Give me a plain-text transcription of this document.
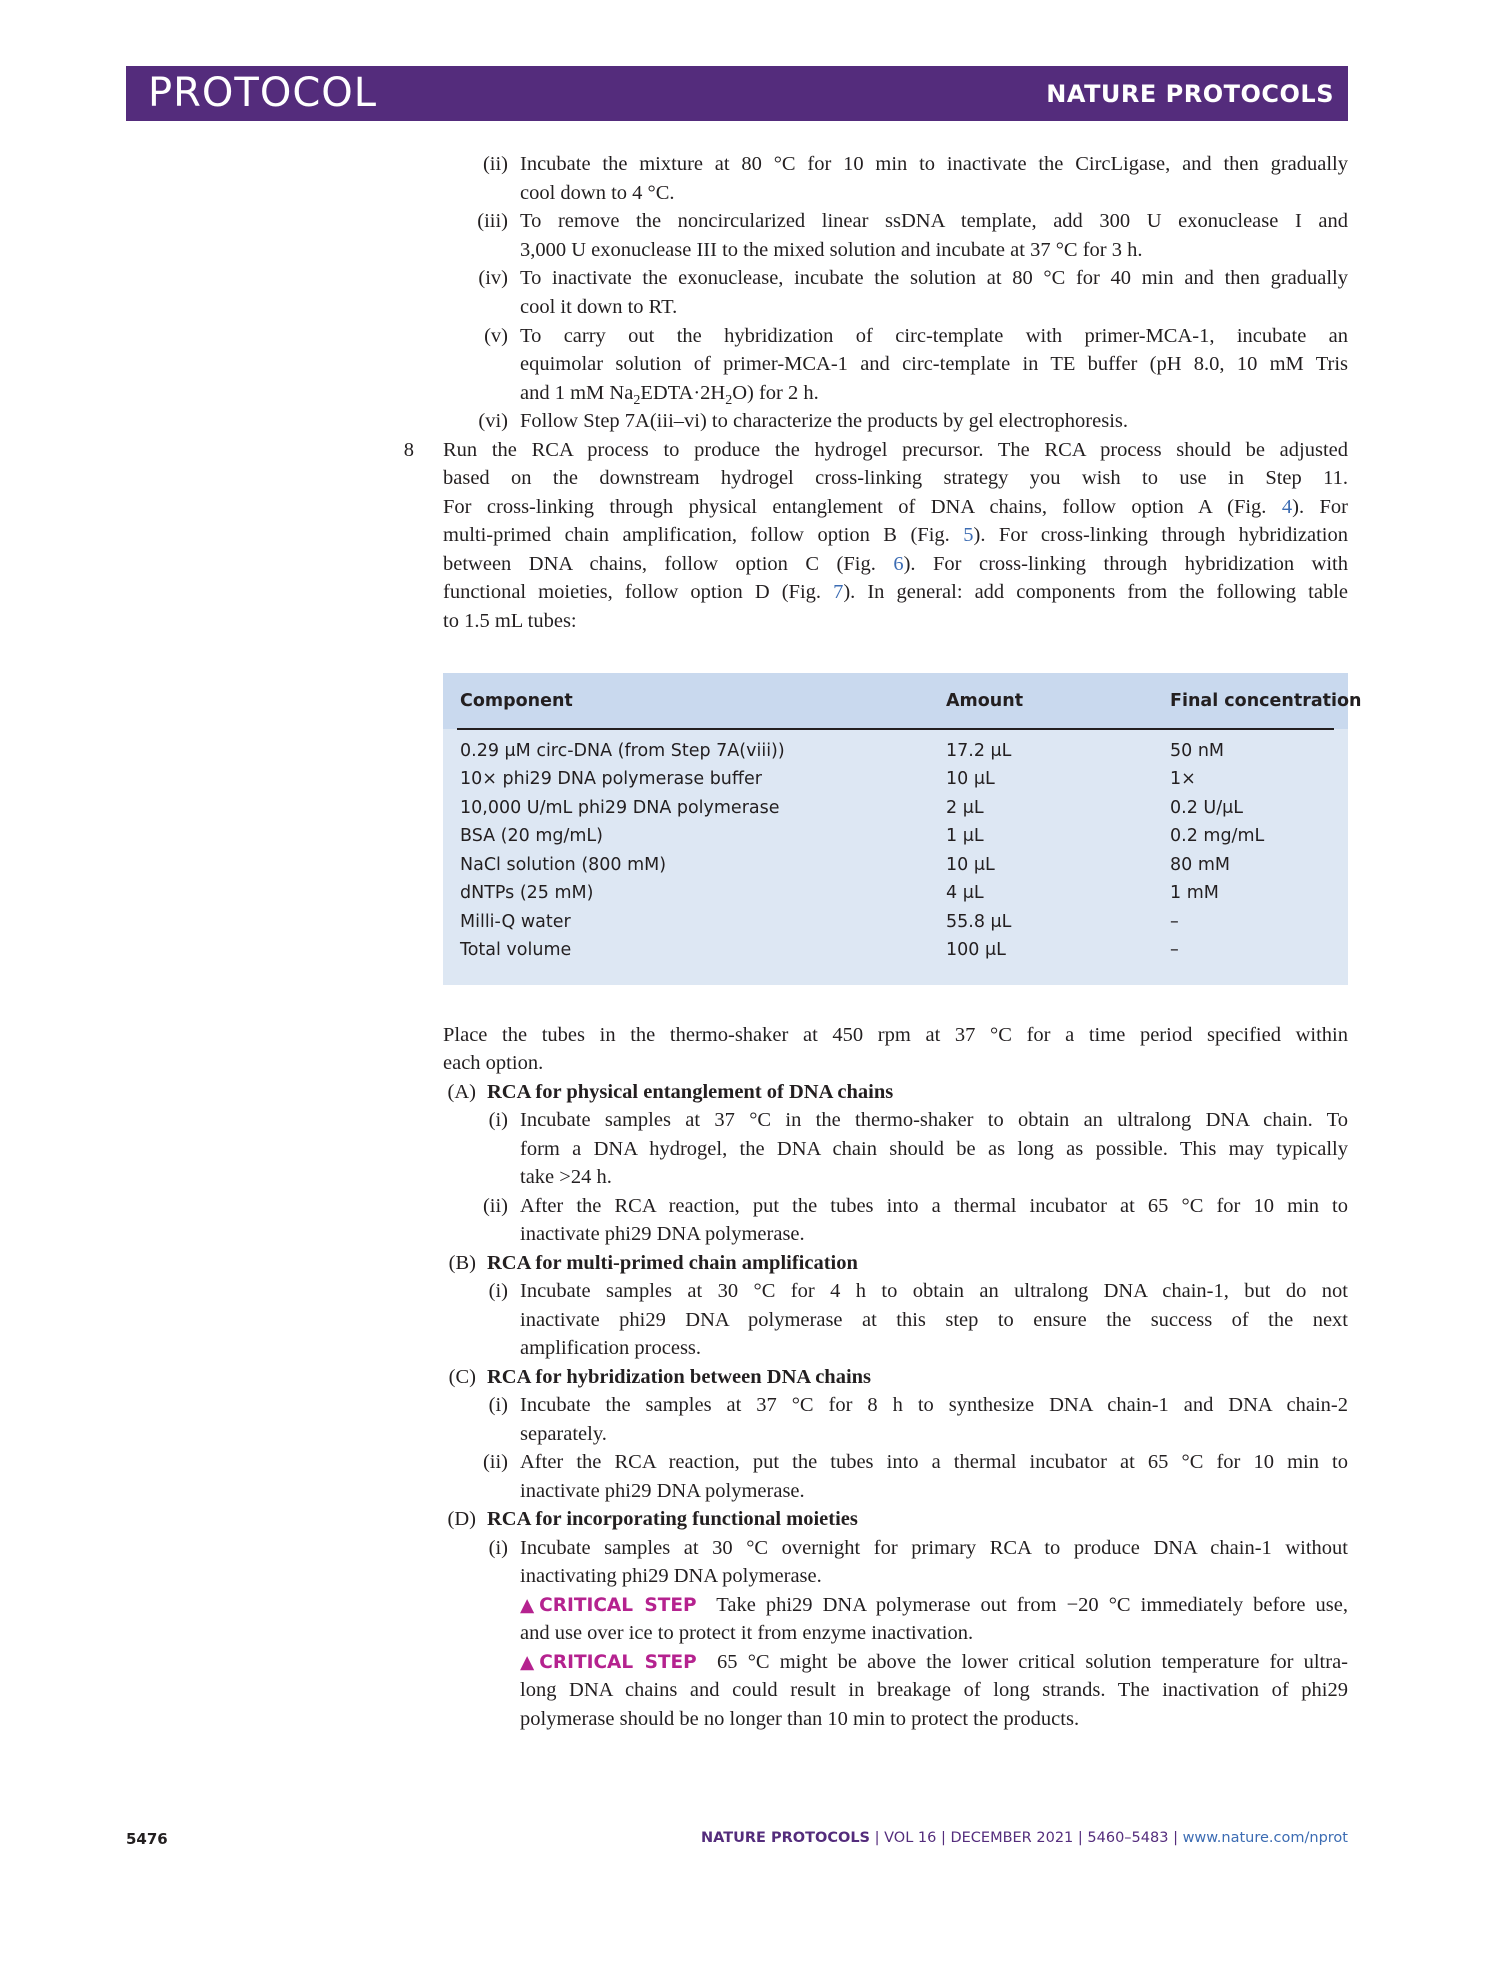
PROTOCOL	NATURE PROTOCOLS
(ii) Incubate the mixture at 80 °C for 10 min to inactivate the CircLigase, and then gradually
cool down to 4 °C.
(iii) To remove the noncircularized linear ssDNA template, add 300 U exonuclease I and
3,000 U exonuclease III to the mixed solution and incubate at 37 °C for 3 h.
(iv) To inactivate the exonuclease, incubate the solution at 80 °C for 40 min and then gradually
cool it down to RT.
(v) To carry out the hybridization of circ-template with primer-MCA-1, incubate an
equimolar solution of primer-MCA-1 and circ-template in TE buffer (pH 8.0, 10 mM Tris
and 1 mM $Na_2EDTA\cdot 2H_2O$) for 2 h.
(vi) Follow Step 7A(iii–vi) to characterize the products by gel electrophoresis.
8 Run the RCA process to produce the hydrogel precursor. The RCA process should be adjusted
based on the downstream hydrogel cross-linking strategy you wish to use in Step 11.
For cross-linking through physical entanglement of DNA chains, follow option A (Fig. 4). For
multi-primed chain amplification, follow option B (Fig. 5). For cross-linking through hybridization
between DNA chains, follow option C (Fig. 6). For cross-linking through hybridization with
functional moieties, follow option D (Fig. 7). In general: add components from the following table
to 1.5 mL tubes:
Component	Amount	Final concentration
0.29 μM circ-DNA (from Step 7A(viii))	17.2 μL	50 nM
10× phi29 DNA polymerase buffer	10 μL	1×
10,000 U/mL phi29 DNA polymerase	2 μL	0.2 U/μL
BSA (20 mg/mL)	1 μL	0.2 mg/mL
NaCl solution (800 mM)	10 μL	80 mM
dNTPs (25 mM)	4 μL	1 mM
Milli-Q water	55.8 μL	–
Total volume	100 μL	–
Place the tubes in the thermo-shaker at 450 rpm at 37 °C for a time period specified within
each option.
(A) RCA for physical entanglement of DNA chains
(i) Incubate samples at 37 °C in the thermo-shaker to obtain an ultralong DNA chain. To
form a DNA hydrogel, the DNA chain should be as long as possible. This may typically
take >24 h.
(ii) After the RCA reaction, put the tubes into a thermal incubator at 65 °C for 10 min to
inactivate phi29 DNA polymerase.
(B) RCA for multi-primed chain amplification
(i) Incubate samples at 30 °C for 4 h to obtain an ultralong DNA chain-1, but do not
inactivate phi29 DNA polymerase at this step to ensure the success of the next
amplification process.
(C) RCA for hybridization between DNA chains
(i) Incubate the samples at 37 °C for 8 h to synthesize DNA chain-1 and DNA chain-2
separately.
(ii) After the RCA reaction, put the tubes into a thermal incubator at 65 °C for 10 min to
inactivate phi29 DNA polymerase.
(D) RCA for incorporating functional moieties
(i) Incubate samples at 30 °C overnight for primary RCA to produce DNA chain-1 without
inactivating phi29 DNA polymerase.
▲CRITICAL STEP Take phi29 DNA polymerase out from −20 °C immediately before use,
and use over ice to protect it from enzyme inactivation.
▲CRITICAL STEP 65 °C might be above the lower critical solution temperature for ultra-
long DNA chains and could result in breakage of long strands. The inactivation of phi29
polymerase should be no longer than 10 min to protect the products.
5476	NATURE PROTOCOLS | VOL 16 | DECEMBER 2021 | 5460–5483 | www.nature.com/nprot
